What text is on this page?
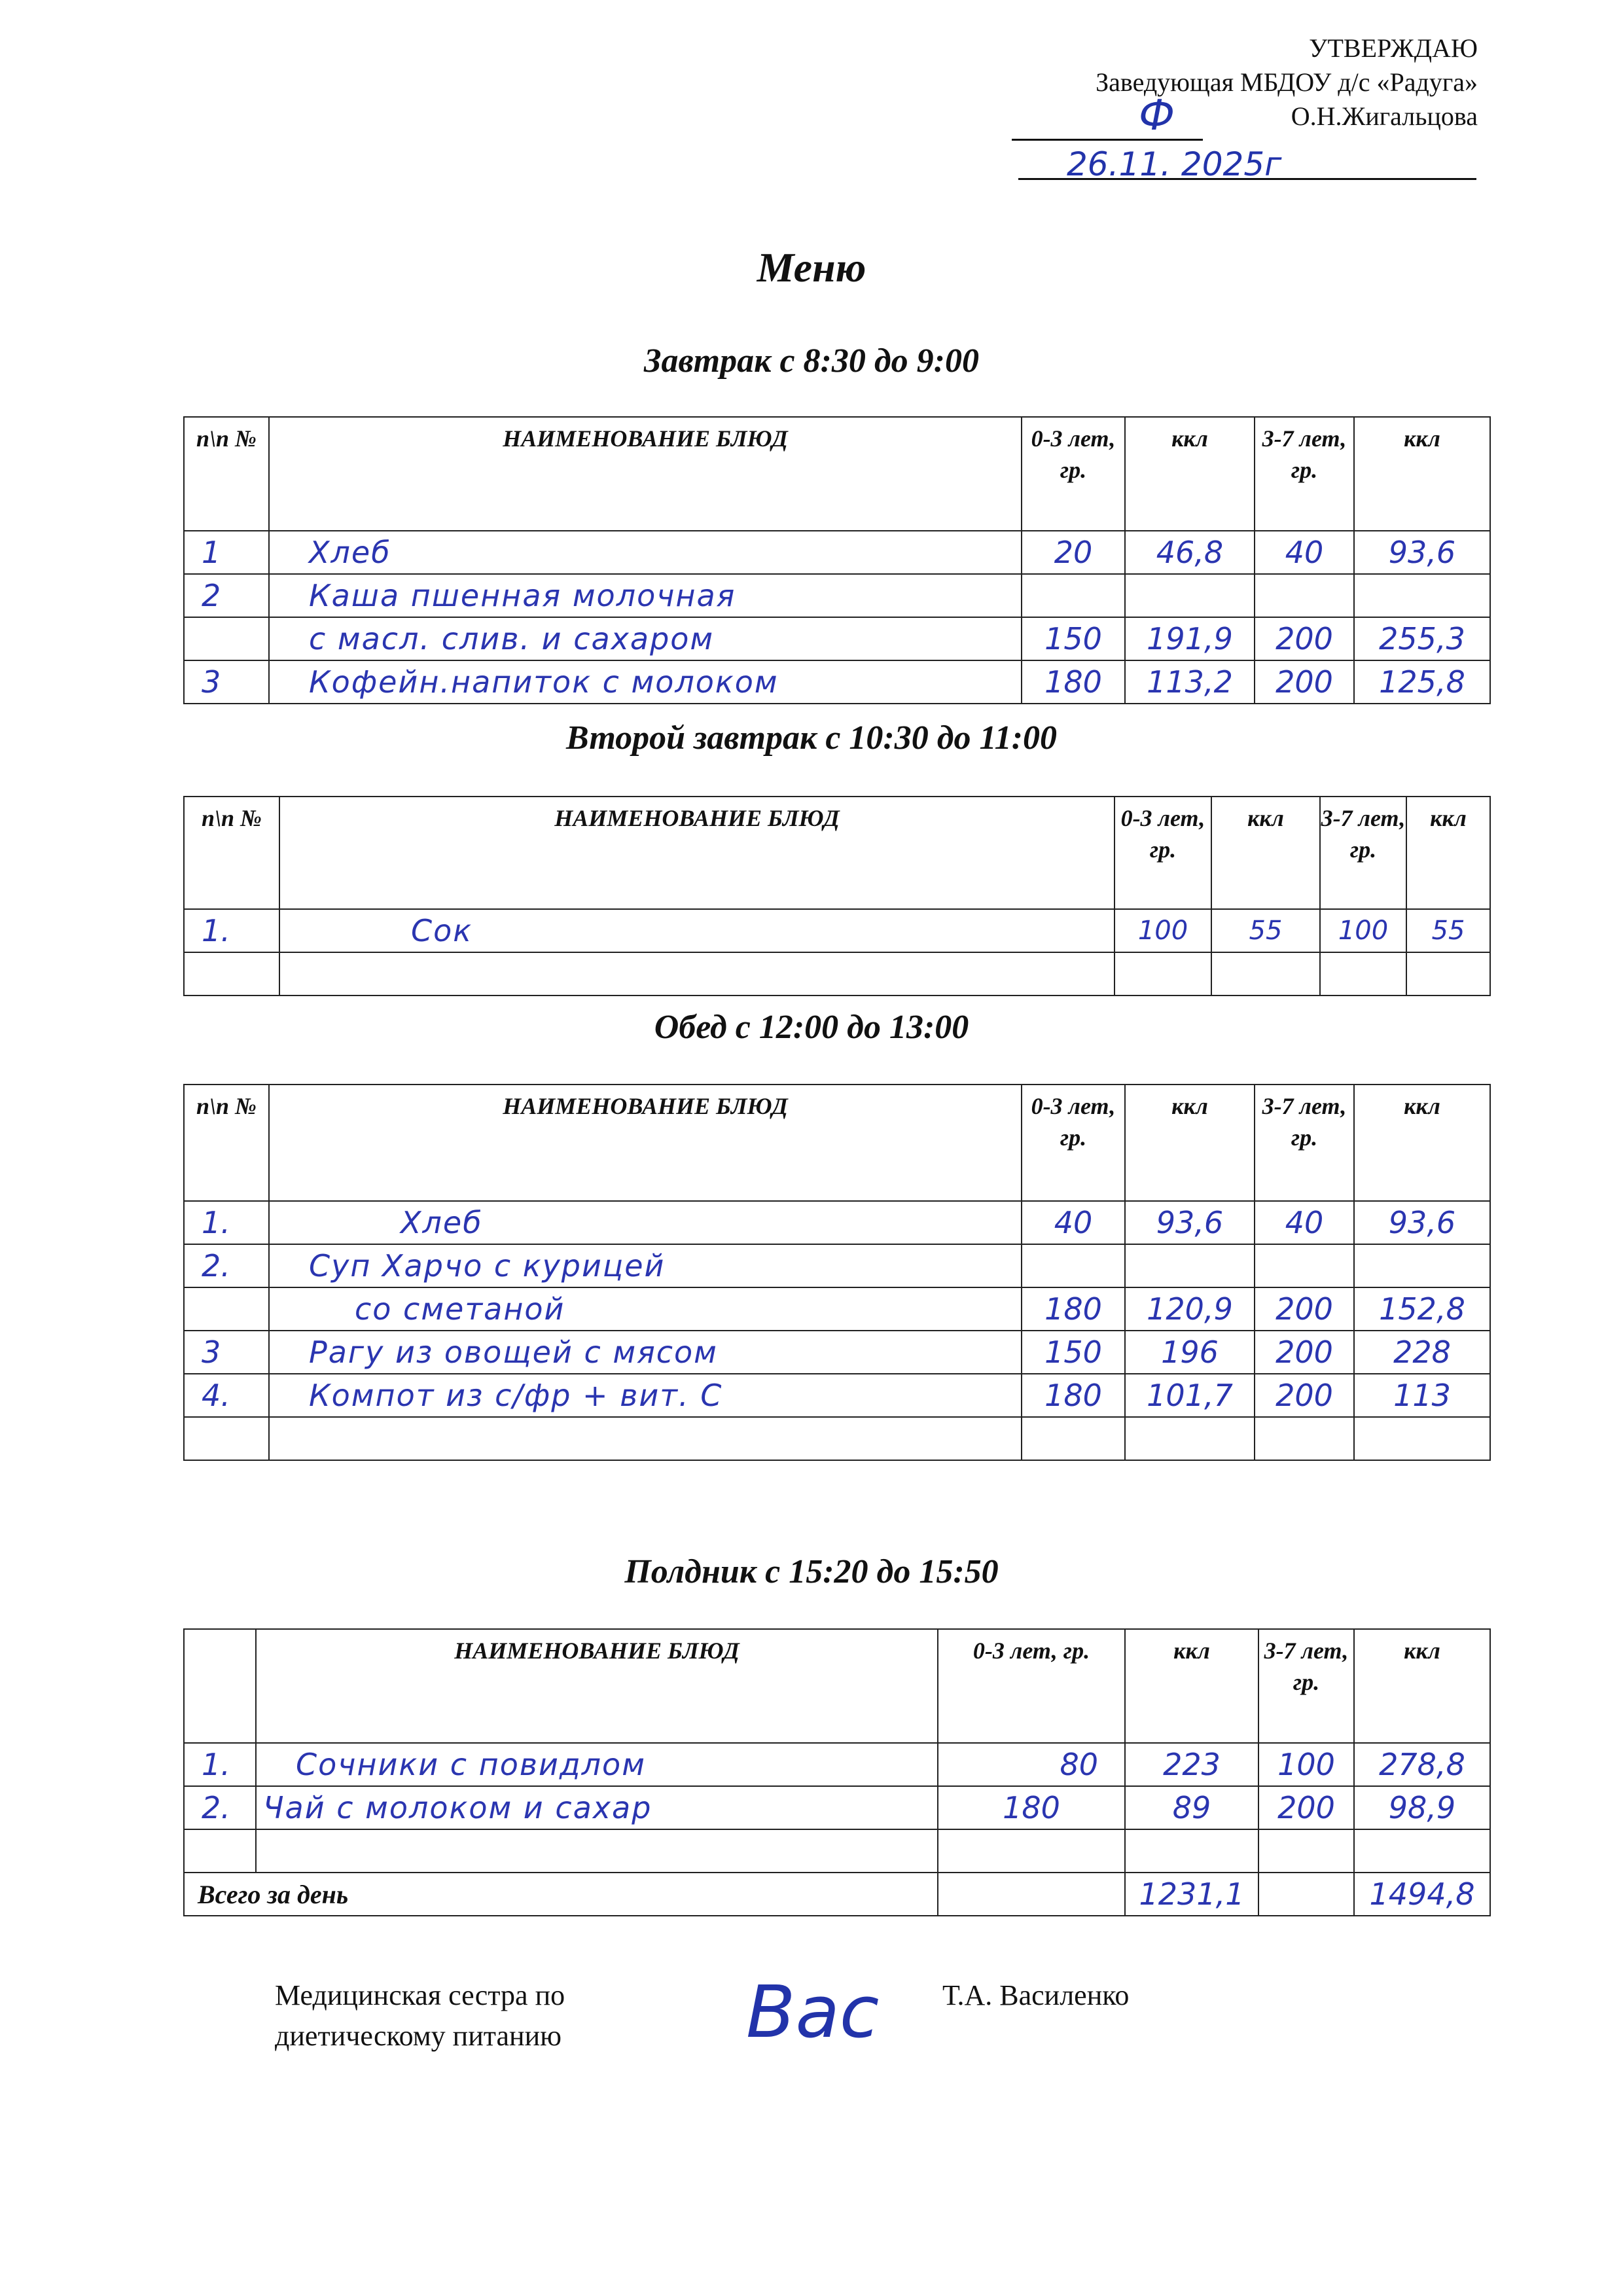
УТВЕРЖДАЮ
Заведующая МБДОУ д/с «Радуга»
О.Н.Жигальцова
Ф
26.11. 2025г
Меню
Завтрак с 8:30 до 9:00
n\n №	НАИМЕНОВАНИЕ БЛЮД	0-3 лет, гр.	ккл	3-7 лет, гр.	ккл
1	Хлеб	20	46,8	40	93,6
2	Каша пшенная молочная				
	с масл. слив. и сахаром	150	191,9	200	255,3
3	Кофейн.напиток с молоком	180	113,2	200	125,8
Второй завтрак с 10:30 до 11:00
n\n №	НАИМЕНОВАНИЕ БЛЮД	0-3 лет, гр.	ккл	3-7 лет, гр.	ккл
1.	Сок	100	55	100	55

Обед с 12:00 до 13:00
n\n №	НАИМЕНОВАНИЕ БЛЮД	0-3 лет, гр.	ккл	3-7 лет, гр.	ккл
1.	Хлеб	40	93,6	40	93,6
2.	Суп Харчо с курицей				
	со сметаной	180	120,9	200	152,8
3	Рагу из овощей с мясом	150	196	200	228
4.	Компот из с/фр + вит. С	180	101,7	200	113

Полдник с 15:20 до 15:50
	НАИМЕНОВАНИЕ БЛЮД	0-3 лет, гр.	ккл	3-7 лет, гр.	ккл
1.	Сочники с повидлом	80	223	100	278,8
2.	Чай с молоком и сахар	180	89	200	98,9

Всего за день			1231,1		1494,8
Медицинская сестра по
диетическому питанию	Вас Т.А. Василенко
